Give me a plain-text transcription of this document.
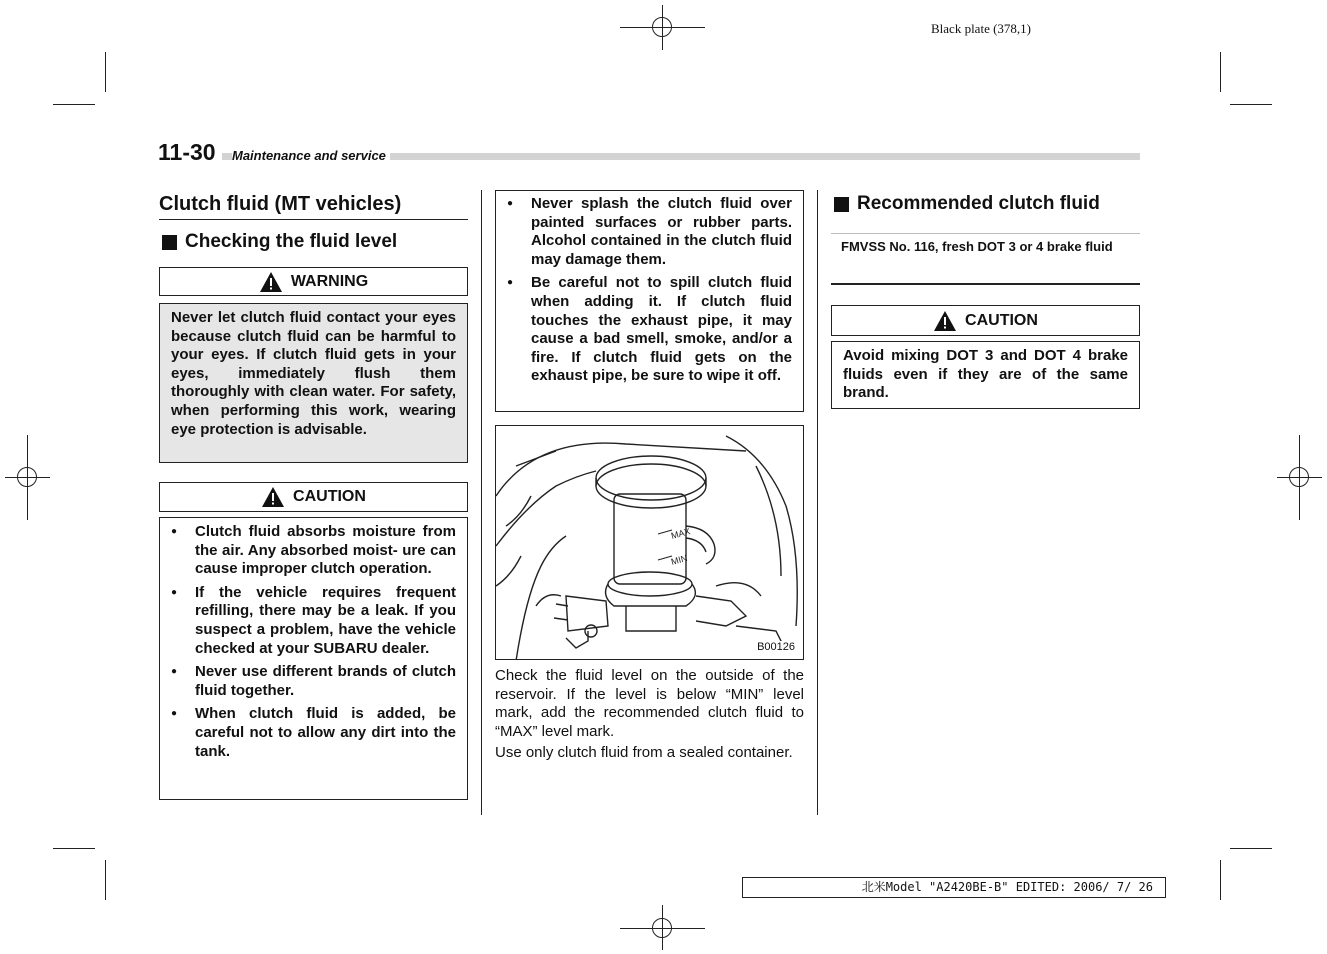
Black plate (378,1)
11-30	Maintenance and service
Clutch fluid (MT vehicles)
Checking the fluid level
WARNING
Never let clutch fluid contact your eyes because clutch fluid can be harmful to your eyes. If clutch fluid gets in your eyes, immediately flush them thoroughly with clean water. For safety, when performing this work, wearing eye protection is advisable.
CAUTION
● Clutch fluid absorbs moisture from the air. Any absorbed moist- ure can cause improper clutch operation.
● If the vehicle requires frequent refilling, there may be a leak. If you suspect a problem, have the vehicle checked at your SUBARU dealer.
● Never use different brands of clutch fluid together.
● When clutch fluid is added, be careful not to allow any dirt into the tank.
● Never splash the clutch fluid over painted surfaces or rubber parts. Alcohol contained in the clutch fluid may damage them.
● Be careful not to spill clutch fluid when adding it. If clutch fluid touches the exhaust pipe, it may cause a bad smell, smoke, and/or a fire. If clutch fluid gets on the exhaust pipe, be sure to wipe it off.
MAX
MIN
B00126
Check the fluid level on the outside of the reservoir. If the level is below “MIN” level mark, add the recommended clutch fluid to “MAX” level mark.
Use only clutch fluid from a sealed container.
Recommended clutch fluid
FMVSS No. 116, fresh DOT 3 or 4 brake fluid
CAUTION
Avoid mixing DOT 3 and DOT 4 brake fluids even if they are of the same brand.
北米Model "A2420BE-B" EDITED: 2006/ 7/ 26
